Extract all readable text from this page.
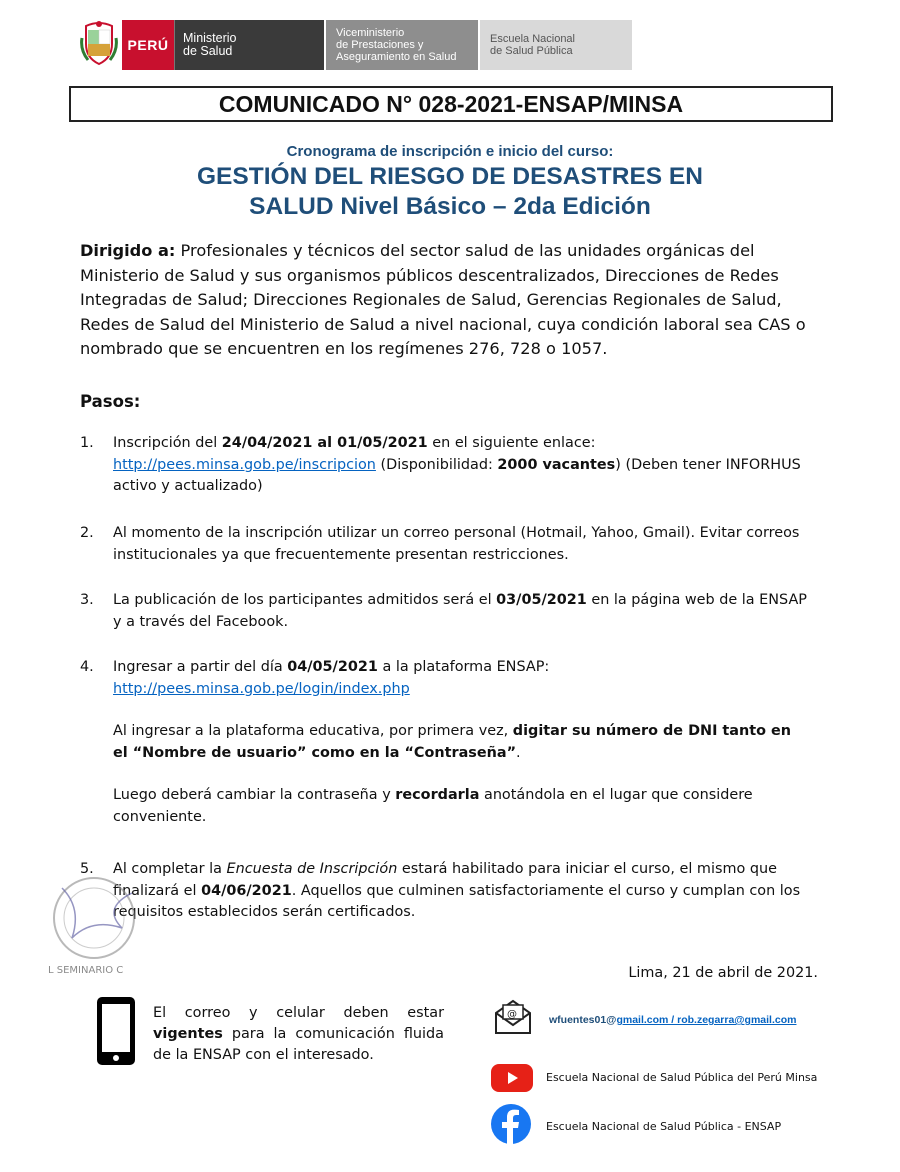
PERÚ	Ministerio
de Salud
Viceministerio
de Prestaciones y
Aseguramiento en Salud
Escuela Nacional
de Salud Pública
COMUNICADO N° 028-2021-ENSAP/MINSA
Cronograma de inscripción e inicio del curso:
GESTIÓN DEL RIESGO DE DESASTRES EN
SALUD Nivel Básico – 2da Edición
Dirigido a: Profesionales y técnicos del sector salud de las unidades orgánicas del Ministerio de Salud y sus organismos públicos descentralizados, Direcciones de Redes Integradas de Salud; Direcciones Regionales de Salud, Gerencias Regionales de Salud, Redes de Salud del Ministerio de Salud a nivel nacional, cuya condición laboral sea CAS o nombrado que se encuentren en los regímenes 276, 728 o 1057.
Pasos:
1. Inscripción del 24/04/2021 al 01/05/2021 en el siguiente enlace:
http://pees.minsa.gob.pe/inscripcion (Disponibilidad: 2000 vacantes) (Deben tener INFORHUS activo y actualizado)
2. Al momento de la inscripción utilizar un correo personal (Hotmail, Yahoo, Gmail). Evitar correos institucionales ya que frecuentemente presentan restricciones.
3. La publicación de los participantes admitidos será el 03/05/2021 en la página web de la ENSAP y a través del Facebook.
4. Ingresar a partir del día 04/05/2021 a la plataforma ENSAP:
http://pees.minsa.gob.pe/login/index.php
Al ingresar a la plataforma educativa, por primera vez, digitar su número de DNI tanto en el “Nombre de usuario” como en la “Contraseña”.
Luego deberá cambiar la contraseña y recordarla anotándola en el lugar que considere conveniente.
5. Al completar la Encuesta de Inscripción estará habilitado para iniciar el curso, el mismo que finalizará el 04/06/2021. Aquellos que culminen satisfactoriamente el curso y cumplan con los requisitos establecidos serán certificados.
L SEMINARIO C	Lima, 21 de abril de 2021.
El correo y celular deben estar vigentes para la comunicación fluida de la ENSAP con el interesado.
@	wfuentes01@gmail.com / rob.zegarra@gmail.com
Escuela Nacional de Salud Pública del Perú Minsa
Escuela Nacional de Salud Pública - ENSAP
